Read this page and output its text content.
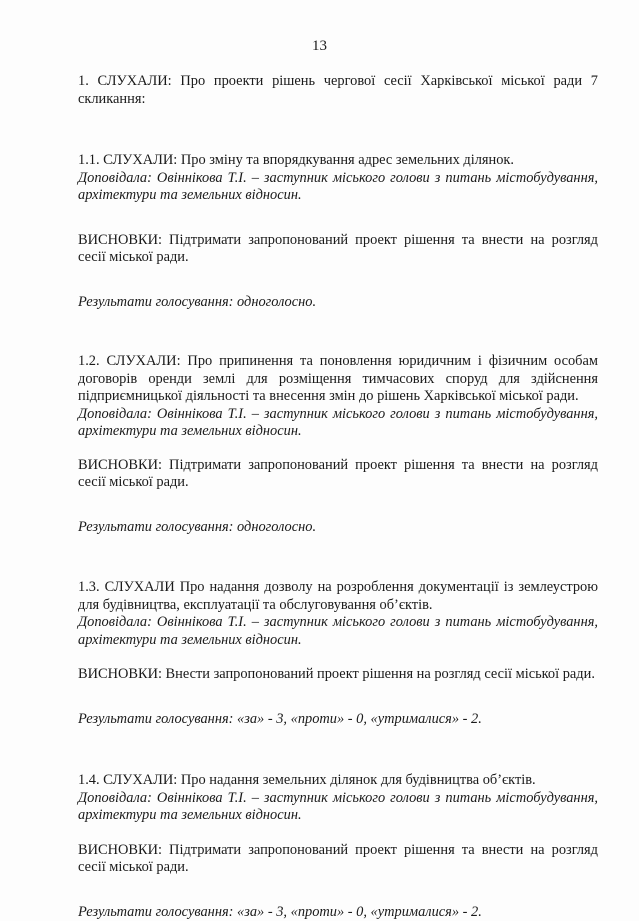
13

1. СЛУХАЛИ: Про проекти рішень чергової сесії Харківської міської ради 7 скликання:

1.1. СЛУХАЛИ: Про зміну та впорядкування адрес земельних ділянок.

Доповідала: Овіннікова Т.І. – заступник міського голови з питань містобудування, архітектури та земельних відносин.

ВИСНОВКИ: Підтримати запропонований проект рішення та внести на розгляд сесії міської ради.

Результати голосування: одноголосно.

1.2. СЛУХАЛИ: Про припинення та поновлення юридичним і фізичним особам договорів оренди землі для розміщення тимчасових споруд для здійснення підприємницької діяльності та внесення змін до рішень Харківської міської ради.

Доповідала: Овіннікова Т.І. – заступник міського голови з питань містобудування, архітектури та земельних відносин.

ВИСНОВКИ: Підтримати запропонований проект рішення та внести на розгляд сесії міської ради.

Результати голосування: одноголосно.

1.3. СЛУХАЛИ Про надання дозволу на розроблення документації із землеустрою для будівництва, експлуатації та обслуговування об’єктів.

Доповідала: Овіннікова Т.І. – заступник міського голови з питань містобудування, архітектури та земельних відносин.

ВИСНОВКИ: Внести запропонований проект рішення на розгляд сесії міської ради.

Результати голосування: «за» - 3, «проти» - 0, «утрималися» - 2.

1.4. СЛУХАЛИ: Про надання земельних ділянок для будівництва об’єктів.

Доповідала: Овіннікова Т.І. – заступник міського голови з питань містобудування, архітектури та земельних відносин.

ВИСНОВКИ: Підтримати запропонований проект рішення та внести на розгляд сесії міської ради.

Результати голосування: «за» - 3, «проти» - 0, «утрималися» - 2.
